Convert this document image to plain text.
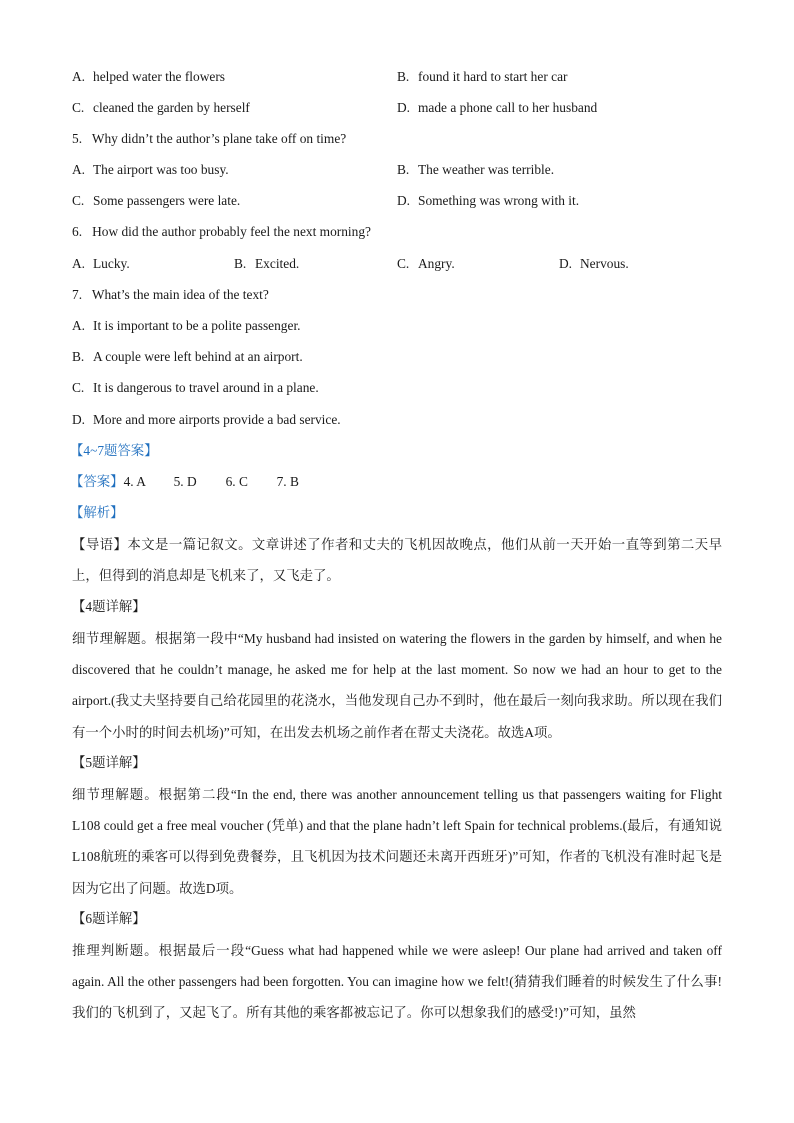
A. helped water the flowers	B. found it hard to start her car
C. cleaned the garden by herself	D. made a phone call to her husband
5.   Why didn’t the author’s plane take off on time?
A. The airport was too busy.	B. The weather was terrible.
C. Some passengers were late.	D. Something was wrong with it.
6.   How did the author probably feel the next morning?
A. Lucky.	B. Excited.	C. Angry.	D. Nervous.
7.   What’s the main idea of the text?
A. It is important to be a polite passenger.
B. A couple were left behind at an airport.
C. It is dangerous to travel around in a plane.
D. More and more airports provide a bad service.
【4~7题答案】
【答案】4. A 5. D 6. C 7. B
【解析】
【导语】本文是一篇记叙文。文章讲述了作者和丈夫的飞机因故晚点，他们从前一天开始一直等到第二天早上，但得到的消息却是飞机来了，又飞走了。
【4题详解】
细节理解题。根据第一段中“My husband had insisted on watering the flowers in the garden by himself, and when he discovered that he couldn’t manage, he asked me for help at the last moment. So now we had an hour to get to the airport.(我丈夫坚持要自己给花园里的花浇水，当他发现自己办不到时，他在最后一刻向我求助。所以现在我们有一个小时的时间去机场)”可知，在出发去机场之前作者在帮丈夫浇花。故选A项。
【5题详解】
细节理解题。根据第二段“In the end, there was another announcement telling us that passengers waiting for Flight L108 could get a free meal voucher (凭单) and that the plane hadn’t left Spain for technical problems.(最后，有通知说L108航班的乘客可以得到免费餐券，且飞机因为技术问题还未离开西班牙)”可知，作者的飞机没有准时起飞是因为它出了问题。故选D项。
【6题详解】
推理判断题。根据最后一段“Guess what had happened while we were asleep! Our plane had arrived and taken off again. All the other passengers had been forgotten. You can imagine how we felt!(猜猜我们睡着的时候发生了什么事!我们的飞机到了，又起飞了。所有其他的乘客都被忘记了。你可以想象我们的感受!)”可知，虽然
